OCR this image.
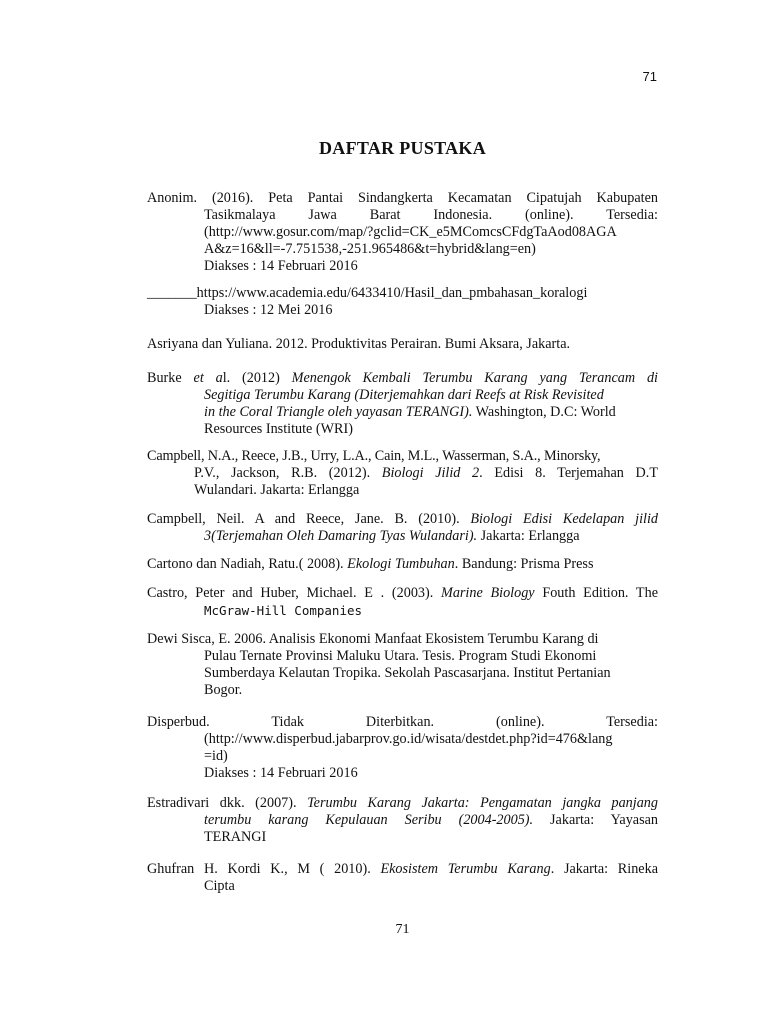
71
DAFTAR PUSTAKA
Anonim. (2016). Peta Pantai Sindangkerta Kecamatan Cipatujah Kabupaten
Tasikmalaya Jawa Barat Indonesia. (online). Tersedia:
(http://www.gosur.com/map/?gclid=CK_e5MComcsCFdgTaAod08AGA
A&z=16&ll=-7.751538,-251.965486&t=hybrid&lang=en)
Diakses : 14 Februari 2016
_______https://www.academia.edu/6433410/Hasil_dan_pmbahasan_koralogi
Diakses : 12 Mei 2016
Asriyana dan Yuliana. 2012. Produktivitas Perairan. Bumi Aksara, Jakarta.
Burke et al. (2012) Menengok Kembali Terumbu Karang yang Terancam di
Segitiga Terumbu Karang (Diterjemahkan dari Reefs at Risk Revisited
in the Coral Triangle oleh yayasan TERANGI). Washington, D.C: World
Resources Institute (WRI)
Campbell, N.A., Reece, J.B., Urry, L.A., Cain, M.L., Wasserman, S.A., Minorsky,
P.V., Jackson, R.B. (2012). Biologi Jilid 2. Edisi 8. Terjemahan D.T
Wulandari. Jakarta: Erlangga
Campbell, Neil. A and Reece, Jane. B. (2010). Biologi Edisi Kedelapan jilid
3(Terjemahan Oleh Damaring Tyas Wulandari). Jakarta: Erlangga
Cartono dan Nadiah, Ratu.( 2008). Ekologi Tumbuhan. Bandung: Prisma Press
Castro, Peter and Huber, Michael. E . (2003). Marine Biology Fouth Edition. The
McGraw‑Hill Companies
Dewi Sisca, E. 2006. Analisis Ekonomi Manfaat Ekosistem Terumbu Karang di
Pulau Ternate Provinsi Maluku Utara. Tesis. Program Studi Ekonomi
Sumberdaya Kelautan Tropika. Sekolah Pascasarjana. Institut Pertanian
Bogor.
Disperbud. Tidak Diterbitkan. (online). Tersedia:
(http://www.disperbud.jabarprov.go.id/wisata/destdet.php?id=476&lang
=id)
Diakses : 14 Februari 2016
Estradivari dkk. (2007). Terumbu Karang Jakarta: Pengamatan jangka panjang
terumbu karang Kepulauan Seribu (2004-2005). Jakarta: Yayasan
TERANGI
Ghufran H. Kordi K., M ( 2010). Ekosistem Terumbu Karang. Jakarta: Rineka
Cipta
71
